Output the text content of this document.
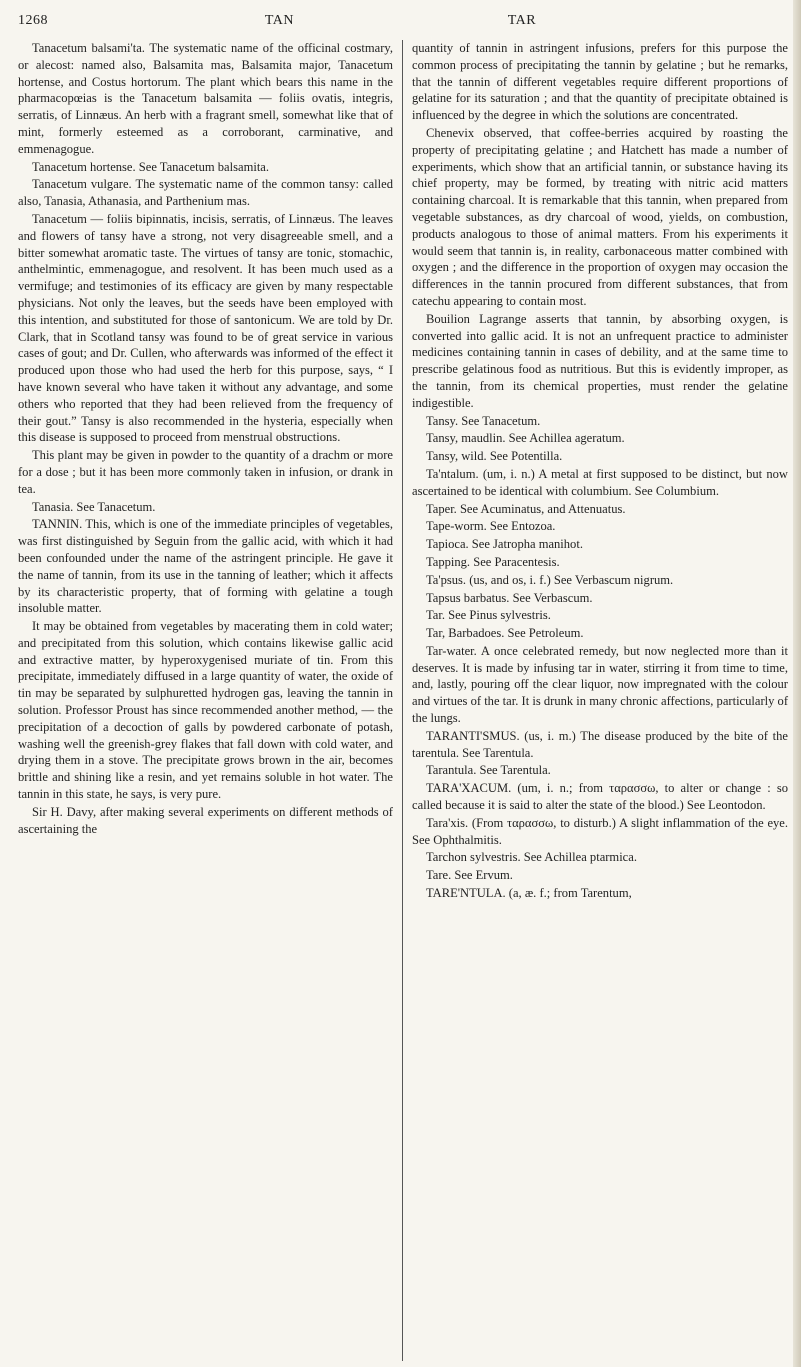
1268	TAN	TAR

Tanacetum balsami'ta. The systematic name of the officinal costmary, or alecost: named also, Balsamita mas, Balsamita major, Tanacetum hortense, and Costus hortorum. The plant which bears this name in the pharmacopœias is the Tanacetum balsamita — foliis ovatis, integris, serratis, of Linnæus. An herb with a fragrant smell, somewhat like that of mint, formerly esteemed as a corroborant, carminative, and emmenagogue.

Tanacetum hortense. See Tanacetum balsamita.

Tanacetum vulgare. The systematic name of the common tansy: called also, Tanasia, Athanasia, and Parthenium mas.

Tanacetum — foliis bipinnatis, incisis, serratis, of Linnæus. The leaves and flowers of tansy have a strong, not very disagreeable smell, and a bitter somewhat aromatic taste. The virtues of tansy are tonic, stomachic, anthelmintic, emmenagogue, and resolvent. It has been much used as a vermifuge; and testimonies of its efficacy are given by many respectable physicians. Not only the leaves, but the seeds have been employed with this intention, and substituted for those of santonicum. We are told by Dr. Clark, that in Scotland tansy was found to be of great service in various cases of gout; and Dr. Cullen, who afterwards was informed of the effect it produced upon those who had used the herb for this purpose, says, “ I have known several who have taken it without any advantage, and some others who reported that they had been relieved from the frequency of their gout.” Tansy is also recommended in the hysteria, especially when this disease is supposed to proceed from menstrual obstructions.

This plant may be given in powder to the quantity of a drachm or more for a dose ; but it has been more commonly taken in infusion, or drank in tea.

Tanasia. See Tanacetum.

TANNIN. This, which is one of the immediate principles of vegetables, was first distinguished by Seguin from the gallic acid, with which it had been confounded under the name of the astringent principle. He gave it the name of tannin, from its use in the tanning of leather; which it affects by its characteristic property, that of forming with gelatine a tough insoluble matter.

It may be obtained from vegetables by macerating them in cold water; and precipitated from this solution, which contains likewise gallic acid and extractive matter, by hyperoxygenised muriate of tin. From this precipitate, immediately diffused in a large quantity of water, the oxide of tin may be separated by sulphuretted hydrogen gas, leaving the tannin in solution. Professor Proust has since recommended another method, — the precipitation of a decoction of galls by powdered carbonate of potash, washing well the greenish-grey flakes that fall down with cold water, and drying them in a stove. The precipitate grows brown in the air, becomes brittle and shining like a resin, and yet remains soluble in hot water. The tannin in this state, he says, is very pure.

Sir H. Davy, after making several experiments on different methods of ascertaining the

quantity of tannin in astringent infusions, prefers for this purpose the common process of precipitating the tannin by gelatine ; but he remarks, that the tannin of different vegetables require different proportions of gelatine for its saturation ; and that the quantity of precipitate obtained is influenced by the degree in which the solutions are concentrated.

Chenevix observed, that coffee-berries acquired by roasting the property of precipitating gelatine ; and Hatchett has made a number of experiments, which show that an artificial tannin, or substance having its chief property, may be formed, by treating with nitric acid matters containing charcoal. It is remarkable that this tannin, when prepared from vegetable substances, as dry charcoal of wood, yields, on combustion, products analogous to those of animal matters. From his experiments it would seem that tannin is, in reality, carbonaceous matter combined with oxygen ; and the difference in the proportion of oxygen may occasion the differences in the tannin procured from different substances, that from catechu appearing to contain most.

Bouilion Lagrange asserts that tannin, by absorbing oxygen, is converted into gallic acid. It is not an unfrequent practice to administer medicines containing tannin in cases of debility, and at the same time to prescribe gelatinous food as nutritious. But this is evidently improper, as the tannin, from its chemical properties, must render the gelatine indigestible.

Tansy. See Tanacetum.

Tansy, maudlin. See Achillea ageratum.

Tansy, wild. See Potentilla.

Ta'ntalum. (um, i. n.) A metal at first supposed to be distinct, but now ascertained to be identical with columbium. See Columbium.

Taper. See Acuminatus, and Attenuatus.

Tape-worm. See Entozoa.

Tapioca. See Jatropha manihot.

Tapping. See Paracentesis.

Ta'psus. (us, and os, i. f.) See Verbascum nigrum.

Tapsus barbatus. See Verbascum.

Tar. See Pinus sylvestris.

Tar, Barbadoes. See Petroleum.

Tar-water. A once celebrated remedy, but now neglected more than it deserves. It is made by infusing tar in water, stirring it from time to time, and, lastly, pouring off the clear liquor, now impregnated with the colour and virtues of the tar. It is drunk in many chronic affections, particularly of the lungs.

TARANTI'SMUS. (us, i. m.) The disease produced by the bite of the tarentula. See Tarentula.

Tarantula. See Tarentula.

TARA'XACUM. (um, i. n.; from ταρασσω, to alter or change : so called because it is said to alter the state of the blood.) See Leontodon.

Tara'xis. (From ταρασσω, to disturb.) A slight inflammation of the eye. See Ophthalmitis.

Tarchon sylvestris. See Achillea ptarmica.

Tare. See Ervum.

TARE'NTULA. (a, æ. f.; from Tarentum,
